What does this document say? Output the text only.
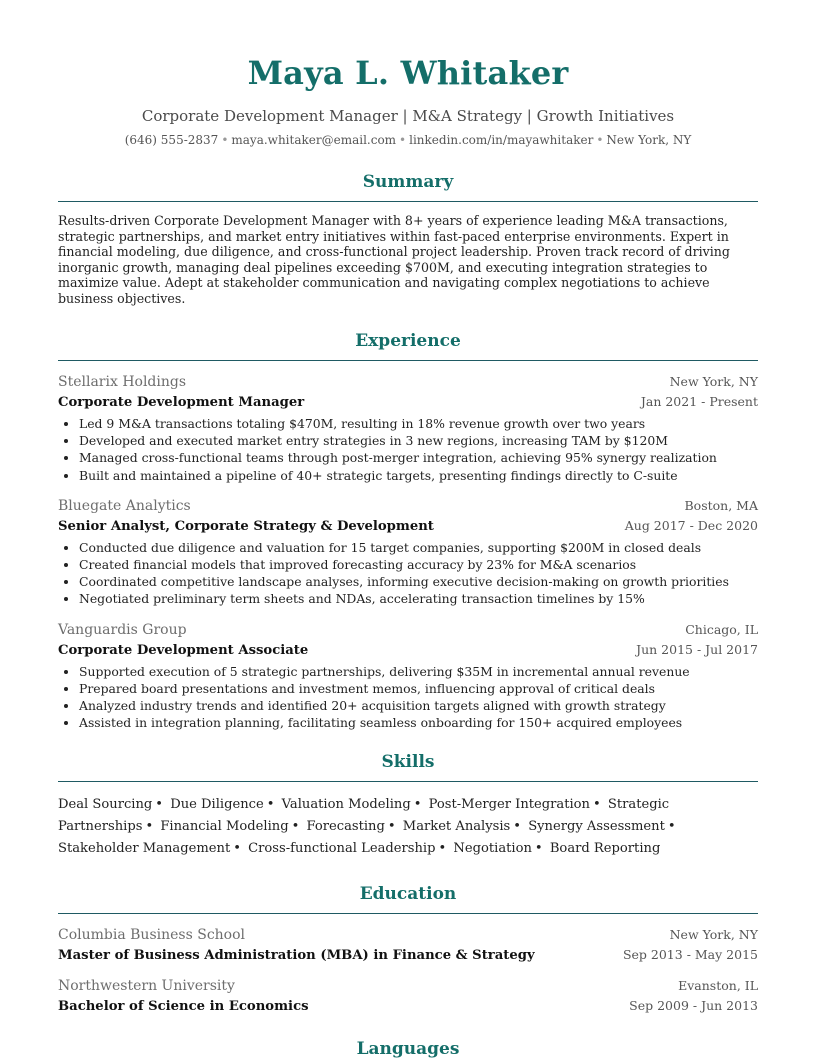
Maya L. Whitaker
Corporate Development Manager | M&A Strategy | Growth Initiatives
(646) 555-2837 • maya.whitaker@email.com • linkedin.com/in/mayawhitaker • New York, NY
Summary
Results-driven Corporate Development Manager with 8+ years of experience leading M&A transactions, strategic partnerships, and market entry initiatives within fast-paced enterprise environments. Expert in financial modeling, due diligence, and cross-functional project leadership. Proven track record of driving inorganic growth, managing deal pipelines exceeding $700M, and executing integration strategies to maximize value. Adept at stakeholder communication and navigating complex negotiations to achieve business objectives.
Experience
Stellarix Holdings	New York, NY
Corporate Development Manager	Jan 2021 - Present
• Led 9 M&A transactions totaling $470M, resulting in 18% revenue growth over two years
• Developed and executed market entry strategies in 3 new regions, increasing TAM by $120M
• Managed cross-functional teams through post-merger integration, achieving 95% synergy realization
• Built and maintained a pipeline of 40+ strategic targets, presenting findings directly to C-suite
Bluegate Analytics	Boston, MA
Senior Analyst, Corporate Strategy & Development	Aug 2017 - Dec 2020
• Conducted due diligence and valuation for 15 target companies, supporting $200M in closed deals
• Created financial models that improved forecasting accuracy by 23% for M&A scenarios
• Coordinated competitive landscape analyses, informing executive decision-making on growth priorities
• Negotiated preliminary term sheets and NDAs, accelerating transaction timelines by 15%
Vanguardis Group	Chicago, IL
Corporate Development Associate	Jun 2015 - Jul 2017
• Supported execution of 5 strategic partnerships, delivering $35M in incremental annual revenue
• Prepared board presentations and investment memos, influencing approval of critical deals
• Analyzed industry trends and identified 20+ acquisition targets aligned with growth strategy
• Assisted in integration planning, facilitating seamless onboarding for 150+ acquired employees
Skills
Deal Sourcing • Due Diligence • Valuation Modeling • Post-Merger Integration • Strategic Partnerships • Financial Modeling • Forecasting • Market Analysis • Synergy Assessment • Stakeholder Management • Cross-functional Leadership • Negotiation • Board Reporting
Education
Columbia Business School	New York, NY
Master of Business Administration (MBA) in Finance & Strategy	Sep 2013 - May 2015
Northwestern University	Evanston, IL
Bachelor of Science in Economics	Sep 2009 - Jun 2013
Languages
